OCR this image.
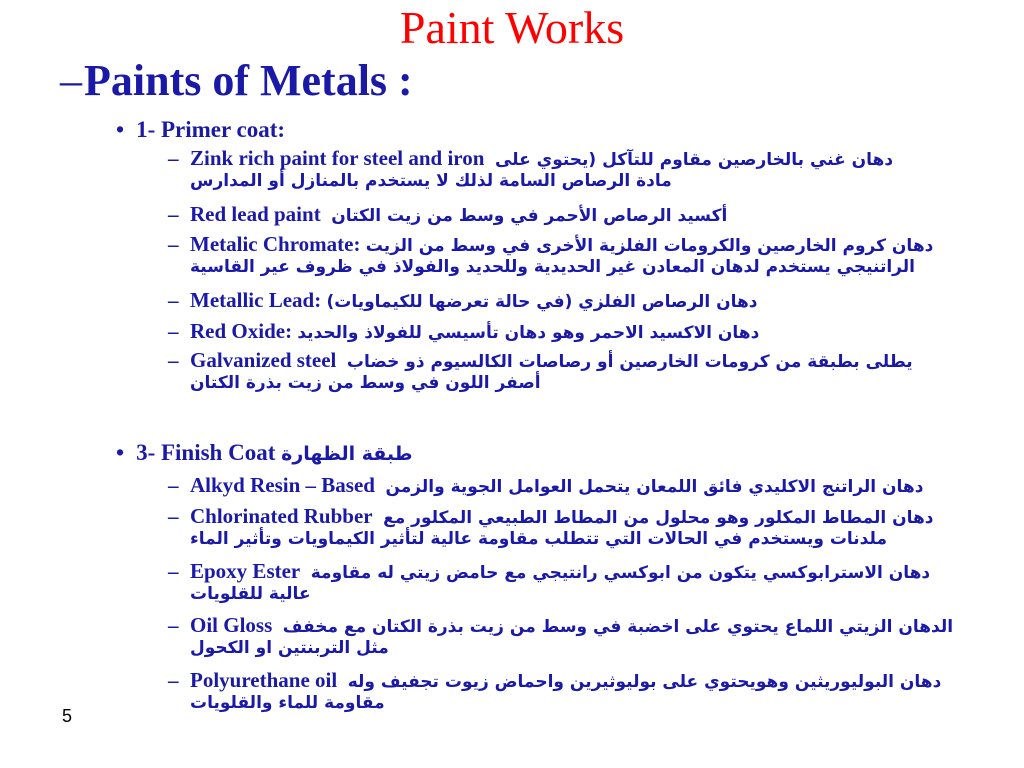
Paint Works
–Paints of Metals :
• 1- Primer coat:
– Zink rich paint for steel and iron دهان غني بالخارصين مقاوم للتآكل (يحتوي على
مادة الرصاص السامة لذلك لا يستخدم بالمنازل أو المدارس
– Red lead paint أكسيد الرصاص الأحمر في وسط من زيت الكتان
– Metalic Chromate: دهان كروم الخارصين والكرومات الفلزية الأخرى في وسط من الزيت
الراتنيجي يستخدم لدهان المعادن غير الحديدية وللحديد والفولاذ في ظروف عير القاسية
– Metallic Lead: دهان الرصاص الفلزي (في حالة تعرضها للكيماويات)
– Red Oxide: دهان الاكسيد الاحمر وهو دهان تأسيسي للفولاذ والحديد
– Galvanized steel يطلى بطبقة من كرومات الخارصين أو رصاصات الكالسيوم ذو خضاب
أصفر اللون في وسط من زيت بذرة الكتان
• 3- Finish Coat طبقة الظهارة
– Alkyd Resin – Based دهان الراتنج الاكليدي فائق اللمعان يتحمل العوامل الجوية والزمن
– Chlorinated Rubber دهان المطاط المكلور وهو محلول من المطاط الطبيعي المكلور مع
ملدنات ويستخدم في الحالات التي تتطلب مقاومة عالية لتأثير الكيماويات وتأثير الماء
– Epoxy Ester دهان الاسترابوكسي يتكون من ابوكسي رانتيجي مع حامض زيتي له مقاومة
عالية للقلويات
– Oil Gloss الدهان الزيتي اللماع يحتوي على اخضبة في وسط من زيت بذرة الكتان مع مخفف
مثل التربنتين او الكحول
– Polyurethane oil دهان البوليوريثين وهويحتوي على بوليوثيرين واحماض زيوت تجفيف وله
مقاومة للماء والقلويات
5
